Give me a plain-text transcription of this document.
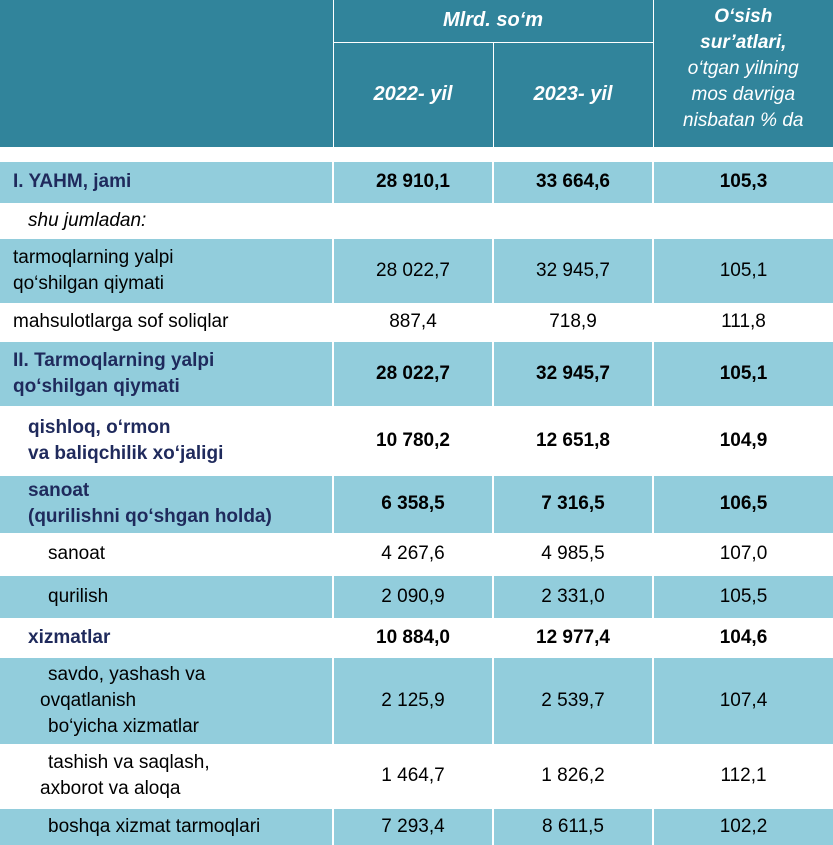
	Mlrd. so‘m		O‘sish
sur’atlari,
o‘tgan yilning
mos davriga
nisbatan % da

	2022- yil	2023- yil	

I. YAHM, jami	28 910,1	33 664,6	105,3

shu jumladan:			

tarmoqlarning yalpi
qo‘shilgan qiymati	28 022,7	32 945,7	105,1

mahsulotlarga sof soliqlar	887,4	718,9	111,8

II. Tarmoqlarning yalpi
qo‘shilgan qiymati	28 022,7	32 945,7	105,1

qishloq, o‘rmon
va baliqchilik xo‘jaligi	10 780,2	12 651,8	104,9

sanoat
(qurilishni qo‘shgan holda)	6 358,5	7 316,5	106,5

sanoat	4 267,6	4 985,5	107,0

qurilish	2 090,9	2 331,0	105,5

xizmatlar	10 884,0	12 977,4	104,6

savdo, yashash va
ovqatlanish
bo‘yicha xizmatlar	2 125,9	2 539,7	107,4

tashish va saqlash,
axborot va aloqa	1 464,7	1 826,2	112,1

boshqa xizmat tarmoqlari	7 293,4	8 611,5	102,2
